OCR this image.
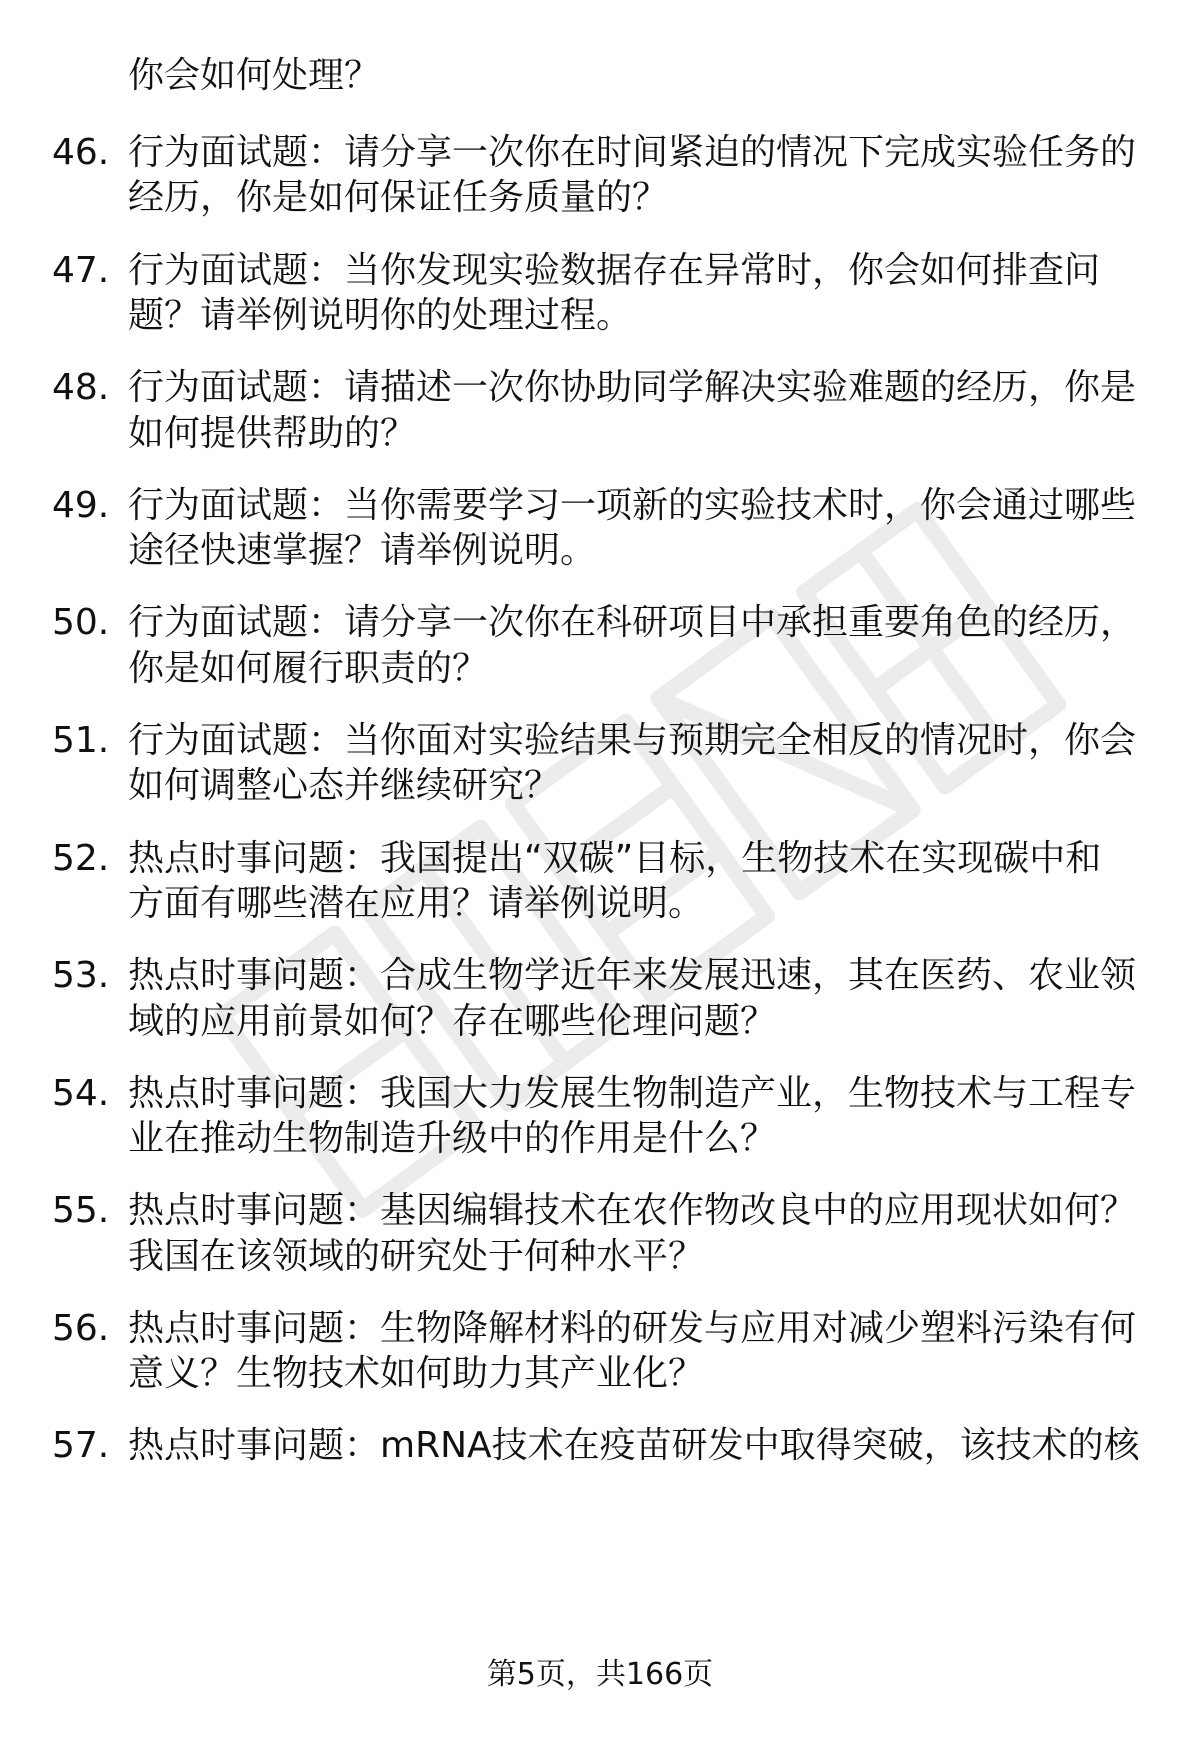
你会如何处理？
46. 行为面试题：请分享一次你在时间紧迫的情况下完成实验任务的
经历，你是如何保证任务质量的？
47. 行为面试题：当你发现实验数据存在异常时，你会如何排查问
题？请举例说明你的处理过程。
48. 行为面试题：请描述一次你协助同学解决实验难题的经历，你是
如何提供帮助的？
49. 行为面试题：当你需要学习一项新的实验技术时，你会通过哪些
途径快速掌握？请举例说明。
50. 行为面试题：请分享一次你在科研项目中承担重要角色的经历，
你是如何履行职责的？
51. 行为面试题：当你面对实验结果与预期完全相反的情况时，你会
如何调整心态并继续研究？
52. 热点时事问题：我国提出“双碳”目标，生物技术在实现碳中和
方面有哪些潜在应用？请举例说明。
53. 热点时事问题：合成生物学近年来发展迅速，其在医药、农业领
域的应用前景如何？存在哪些伦理问题？
54. 热点时事问题：我国大力发展生物制造产业，生物技术与工程专
业在推动生物制造升级中的作用是什么？
55. 热点时事问题：基因编辑技术在农作物改良中的应用现状如何？
我国在该领域的研究处于何种水平？
56. 热点时事问题：生物降解材料的研发与应用对减少塑料污染有何
意义？生物技术如何助力其产业化？
57. 热点时事问题：mRNA技术在疫苗研发中取得突破，该技术的核
第5页，共166页
